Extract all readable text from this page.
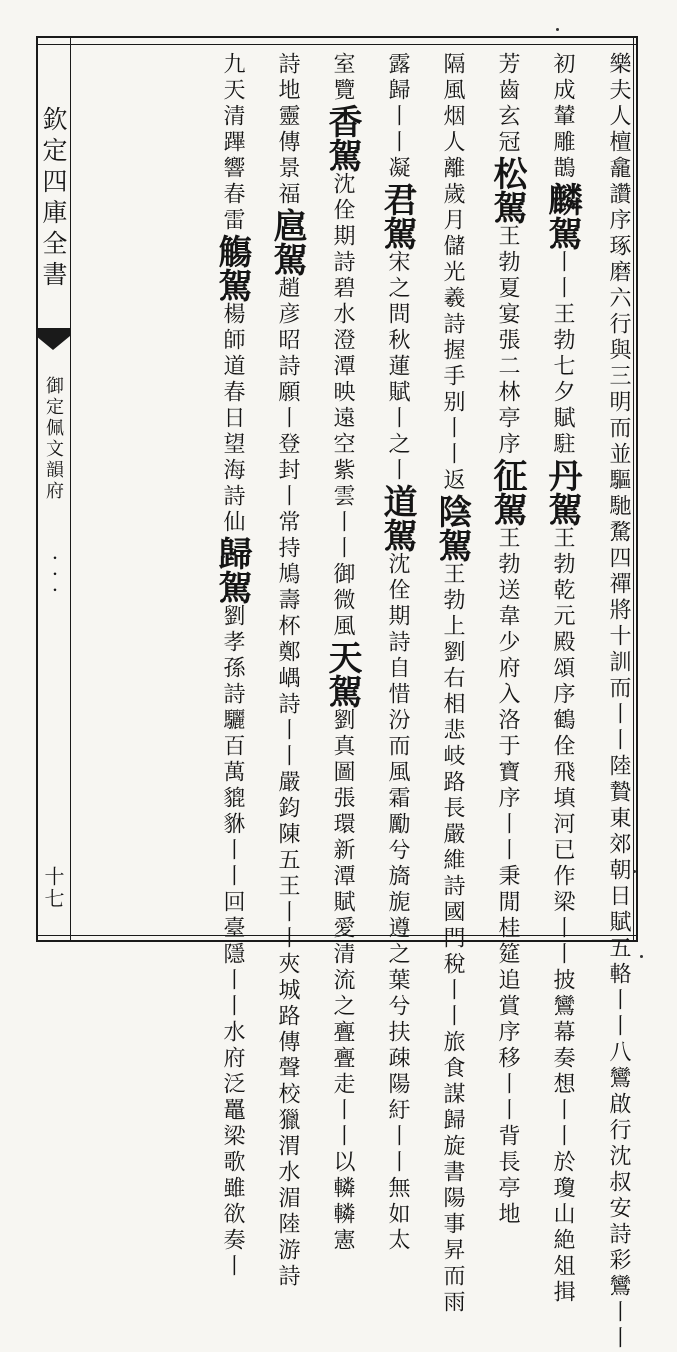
欽定四庫全書
御定佩文韻府
･･･
十七
樂夫人檀龕讚序琢磨六行與三明而並驅馳騖四禪將十訓而
丨丨陸贄東郊朝日賦五輅丨丨八鸞啟行沈叔安詩彩鸞丨丨
初成輦雕鵲麟駕丨丨王勃七夕賦駐丹駕王勃乾元殿頌序鶴佺飛
填河已作梁丨丨披鸞幕奏想丨丨於瓊山絶俎揖
芳齒玄冠松駕王勃夏宴張二林亭序征駕王勃送韋少府入洛
于寶序丨丨秉閒桂筵追賞序移丨丨背長亭地
隔風烟人離歲月儲光羲詩握手别丨丨返陰駕王勃上劉右相
悲岐路長嚴維詩國門稅丨丨旅食謀歸旋書陽事昇而雨
露歸丨丨凝君駕宋之問秋蓮賦丨之丨道駕沈佺期詩自惜汾
而風霜勵兮旖旎遵之葉兮扶疎陽紆丨丨無如太
室覽香駕沈佺期詩碧水澄潭映遠空紫雲丨丨御微風天駕劉
真圖張環新潭賦愛清流之亹亹走丨丨以轔轔憲
詩地靈傳景福扈駕趙彦昭詩願丨登封丨常持鳩壽杯鄭嵎詩
丨丨嚴鈞陳五王丨丨夾城路傳聲校獵渭水湄陸游詩
九天清蹕響春雷觴駕楊師道春日望海詩仙歸駕劉孝孫詩驪
百萬貔貅丨丨回臺隱丨丨水府泛鼉梁歌雖欲奏丨
